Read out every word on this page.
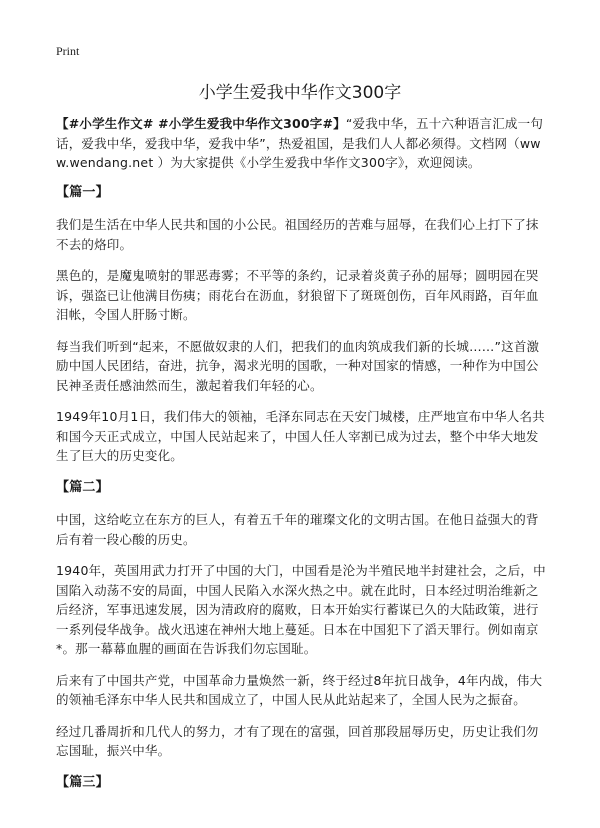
Print
小学生爱我中华作文300字

【#小学生作文# #小学生爱我中华作文300字#】“爱我中华，五十六种语言汇成一句话，爱我中华，爱我中华，爱我中华”，热爱祖国，是我们人人都必须得。文档网（www.wendang.net ）为大家提供《小学生爱我中华作文300字》，欢迎阅读。

【篇一】

我们是生活在中华人民共和国的小公民。祖国经历的苦难与屈辱，在我们心上打下了抹不去的烙印。

黑色的，是魔鬼喷射的罪恶毒雾；不平等的条约，记录着炎黄子孙的屈辱；圆明园在哭诉，强盗已让他满目伤痍；雨花台在沥血，豺狼留下了斑斑创伤，百年风雨路，百年血泪帐，令国人肝肠寸断。

每当我们听到“起来，不愿做奴隶的人们，把我们的血肉筑成我们新的长城……”这首激励中国人民团结，奋进，抗争，渴求光明的国歌，一种对国家的情感，一种作为中国公民神圣责任感油然而生，激起着我们年轻的心。

1949年10月1日，我们伟大的领袖，毛泽东同志在天安门城楼，庄严地宣布中华人名共和国今天正式成立，中国人民站起来了，中国人任人宰割已成为过去，整个中华大地发生了巨大的历史变化。

【篇二】

中国，这给屹立在东方的巨人，有着五千年的璀璨文化的文明古国。在他日益强大的背后有着一段心酸的历史。

1940年，英国用武力打开了中国的大门，中国看是沦为半殖民地半封建社会，之后，中国陷入动荡不安的局面，中国人民陷入水深火热之中。就在此时，日本经过明治维新之后经济，军事迅速发展，因为清政府的腐败，日本开始实行蓄谋已久的大陆政策，进行一系列侵华战争。战火迅速在神州大地上蔓延。日本在中国犯下了滔天罪行。例如南京*。那一幕幕血腥的画面在告诉我们勿忘国耻。

后来有了中国共产党，中国革命力量焕然一新，终于经过8年抗日战争，4年内战，伟大的领袖毛泽东中华人民共和国成立了，中国人民从此站起来了，全国人民为之振奋。

经过几番周折和几代人的努力，才有了现在的富强，回首那段屈辱历史，历史让我们勿忘国耻，振兴中华。

【篇三】
